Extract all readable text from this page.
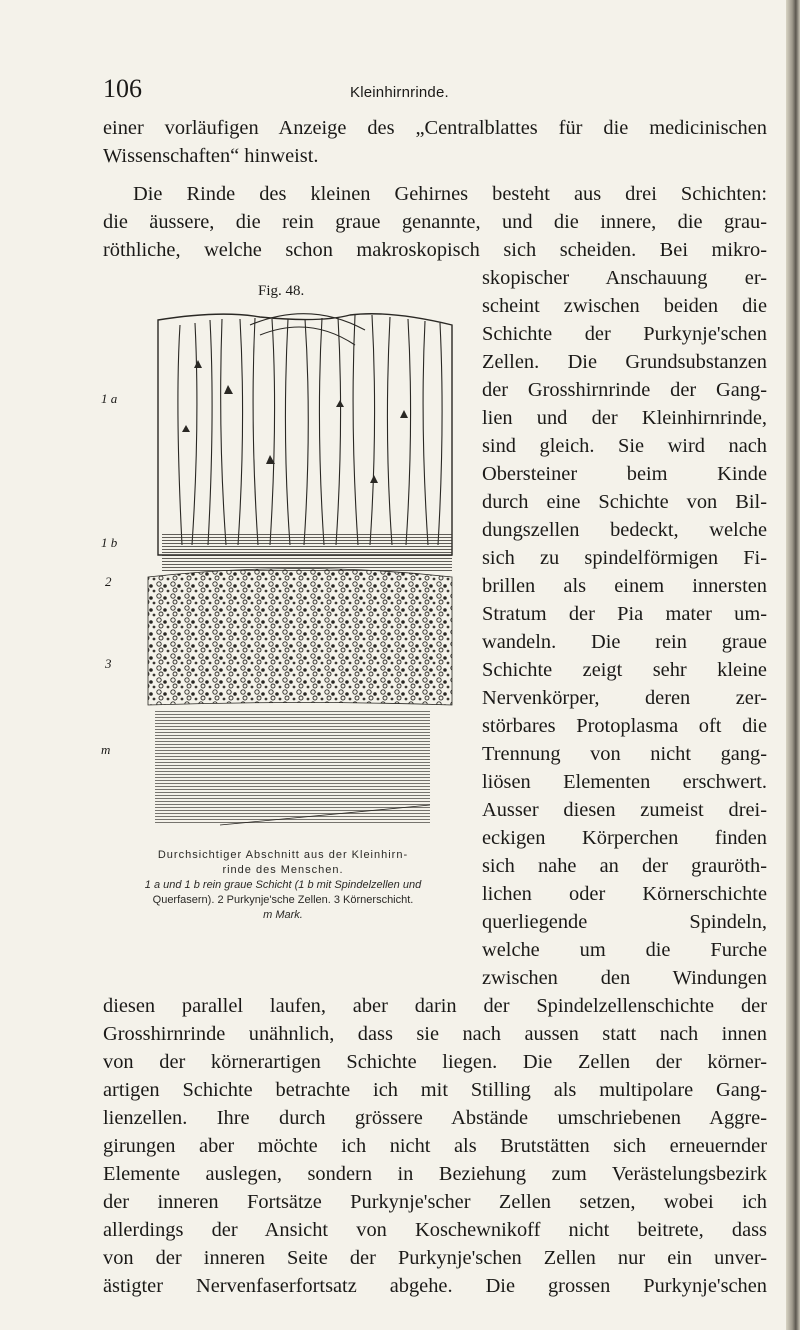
106	Kleinhirnrinde.
einer vorläufigen Anzeige des „Centralblattes für die medicinischen
Wissenschaften“ hinweist.
Die Rinde des kleinen Gehirnes besteht aus drei Schichten:
die äussere, die rein graue genannte, und die innere, die grau-
röthliche, welche schon makroskopisch sich scheiden. Bei mikro-
Fig. 48.
skopischer Anschauung er-
scheint zwischen beiden die
Schichte der Purkynje'schen
Zellen. Die Grundsubstanzen
der Grosshirnrinde der Gang-
lien und der Kleinhirnrinde,
sind gleich. Sie wird nach
Obersteiner beim Kinde
durch eine Schichte von Bil-
dungszellen bedeckt, welche
sich zu spindelförmigen Fi-
brillen als einem innersten
Stratum der Pia mater um-
wandeln. Die rein graue
Schichte zeigt sehr kleine
Nervenkörper, deren zer-
störbares Protoplasma oft die
Trennung von nicht gang-
liösen Elementen erschwert.
Ausser diesen zumeist drei-
eckigen Körperchen finden
sich nahe an der grauröth-
lichen oder Körnerschichte
querliegende Spindeln,
welche um die Furche
zwischen den Windungen
1 a
1 b
2
3
m
Durchsichtiger Abschnitt aus der Kleinhirn-
rinde des Menschen.
1 a und 1 b rein graue Schicht (1 b mit Spindelzellen und
Querfasern). 2 Purkynje'sche Zellen. 3 Körnerschicht.
m Mark.
diesen parallel laufen, aber darin der Spindelzellenschichte der
Grosshirnrinde unähnlich, dass sie nach aussen statt nach innen
von der körnerartigen Schichte liegen. Die Zellen der körner-
artigen Schichte betrachte ich mit Stilling als multipolare Gang-
lienzellen. Ihre durch grössere Abstände umschriebenen Aggre-
girungen aber möchte ich nicht als Brutstätten sich erneuernder
Elemente auslegen, sondern in Beziehung zum Verästelungsbezirk
der inneren Fortsätze Purkynje'scher Zellen setzen, wobei ich
allerdings der Ansicht von Koschewnikoff nicht beitrete, dass
von der inneren Seite der Purkynje'schen Zellen nur ein unver-
ästigter Nervenfaserfortsatz abgehe. Die grossen Purkynje'schen
